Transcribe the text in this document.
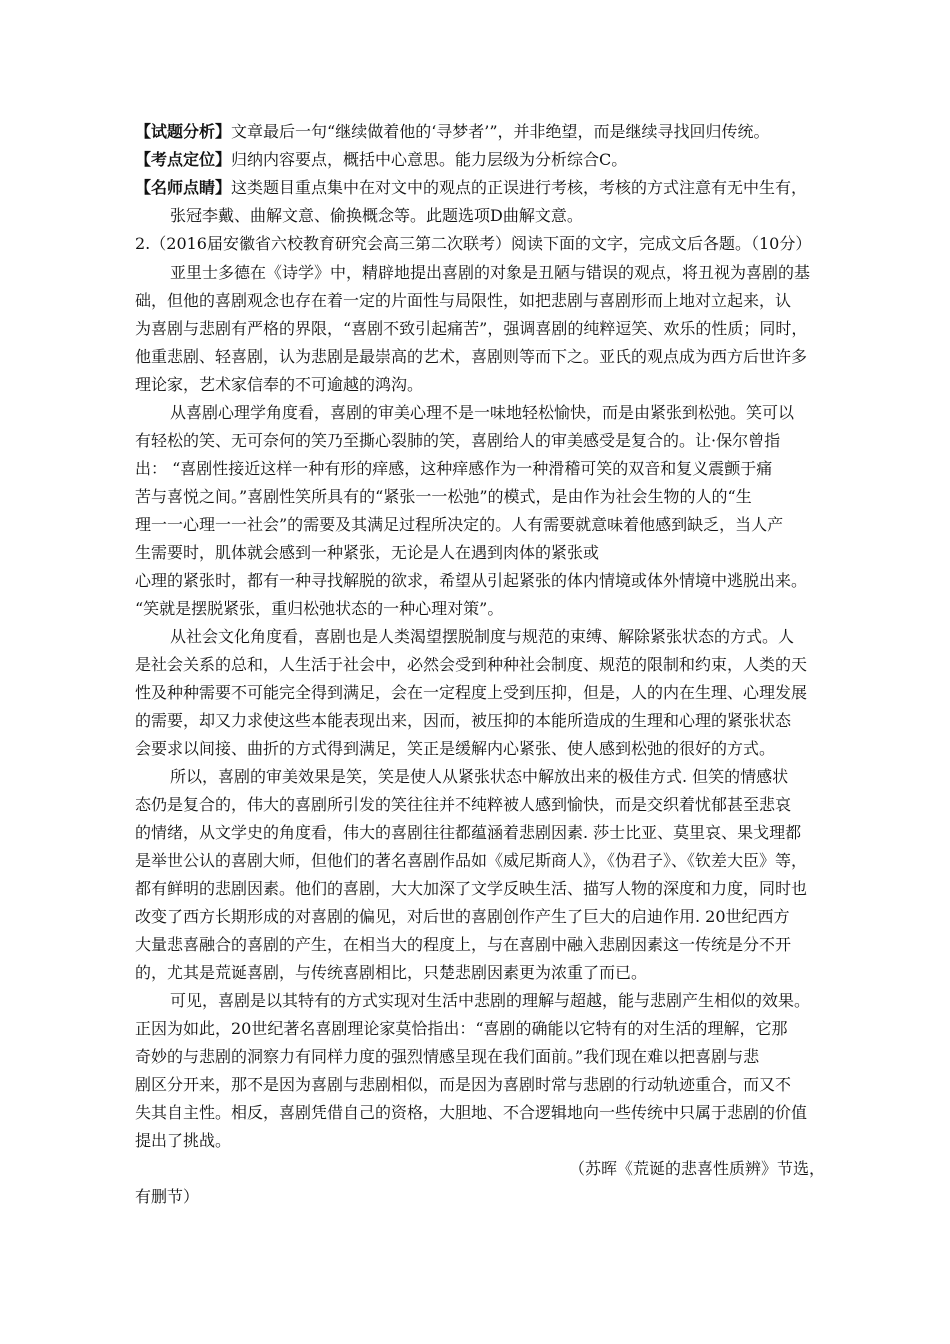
【试题分析】文章最后一句“继续做着他的‘寻梦者’”，并非绝望，而是继续寻找回归传统。
【考点定位】归纳内容要点，概括中心意思。能力层级为分析综合C。
【名师点睛】这类题目重点集中在对文中的观点的正误进行考核，考核的方式注意有无中生有，
张冠李戴、曲解文意、偷换概念等。此题选项D曲解文意。
2.（2016届安徽省六校教育研究会高三第二次联考）阅读下面的文字，完成文后各题。（10分）
亚里士多德在《诗学》中，精辟地提出喜剧的对象是丑陋与错误的观点，将丑视为喜剧的基
础，但他的喜剧观念也存在着一定的片面性与局限性，如把悲剧与喜剧形而上地对立起来，认
为喜剧与悲剧有严格的界限，“喜剧不致引起痛苦”，强调喜剧的纯粹逗笑、欢乐的性质；同时，
他重悲剧、轻喜剧，认为悲剧是最崇高的艺术，喜剧则等而下之。亚氏的观点成为西方后世许多
理论家，艺术家信奉的不可逾越的鸿沟。
从喜剧心理学角度看，喜剧的审美心理不是一味地轻松愉快，而是由紧张到松弛。笑可以
有轻松的笑、无可奈何的笑乃至撕心裂肺的笑，喜剧给人的审美感受是复合的。让·保尔曾指
出： “喜剧性接近这样一种有形的痒感，这种痒感作为一种滑稽可笑的双音和复义震颤于痛
苦与喜悦之间。”喜剧性笑所具有的“紧张一一松弛”的模式，是由作为社会生物的人的“生
理一一心理一一社会”的需要及其满足过程所决定的。人有需要就意味着他感到缺乏，当人产
生需要时，肌体就会感到一种紧张，无论是人在遇到肉体的紧张或
心理的紧张时，都有一种寻找解脱的欲求，希望从引起紧张的体内情境或体外情境中逃脱出来。
“笑就是摆脱紧张，重归松弛状态的一种心理对策”。
从社会文化角度看，喜剧也是人类渴望摆脱制度与规范的束缚、解除紧张状态的方式。人
是社会关系的总和，人生活于社会中，必然会受到种种社会制度、规范的限制和约束，人类的天
性及种种需要不可能完全得到满足，会在一定程度上受到压抑，但是，人的内在生理、心理发展
的需要，却又力求使这些本能表现出来，因而，被压抑的本能所造成的生理和心理的紧张状态
会要求以间接、曲折的方式得到满足，笑正是缓解内心紧张、使人感到松弛的很好的方式。
所以，喜剧的审美效果是笑，笑是使人从紧张状态中解放出来的极佳方式. 但笑的情感状
态仍是复合的，伟大的喜剧所引发的笑往往并不纯粹被人感到愉快，而是交织着忧郁甚至悲哀
的情绪，从文学史的角度看，伟大的喜剧往往都蕴涵着悲剧因素. 莎士比亚、莫里哀、果戈理都
是举世公认的喜剧大师，但他们的著名喜剧作品如《威尼斯商人》，《伪君子》、《钦差大臣》等，
都有鲜明的悲剧因素。他们的喜剧，大大加深了文学反映生活、描写人物的深度和力度，同时也
改变了西方长期形成的对喜剧的偏见，对后世的喜剧创作产生了巨大的启迪作用. 20世纪西方
大量悲喜融合的喜剧的产生，在相当大的程度上，与在喜剧中融入悲剧因素这一传统是分不开
的，尤其是荒诞喜剧，与传统喜剧相比，只楚悲剧因素更为浓重了而已。
可见，喜剧是以其特有的方式实现对生活中悲剧的理解与超越，能与悲剧产生相似的效果。
正因为如此，20世纪著名喜剧理论家莫恰指出：“喜剧的确能以它特有的对生活的理解，它那
奇妙的与悲剧的洞察力有同样力度的强烈情感呈现在我们面前。”我们现在难以把喜剧与悲
剧区分开来，那不是因为喜剧与悲剧相似，而是因为喜剧时常与悲剧的行动轨迹重合，而又不
失其自主性。相反，喜剧凭借自己的资格，大胆地、不合逻辑地向一些传统中只属于悲剧的价值
提出了挑战。
（苏晖《荒诞的悲喜性质辨》节选，
有删节）
